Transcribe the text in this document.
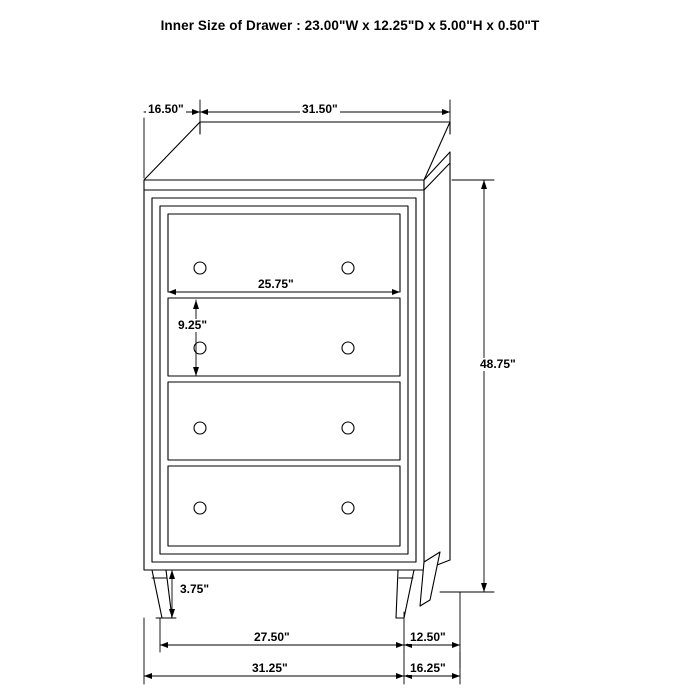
Inner Size of Drawer : 23.00"W x 12.25"D x 5.00"H x 0.50"T
16.50"	31.50"
25.75"
9.25"
48.75"
3.75"
27.50"	12.50"
31.25"	16.25"
